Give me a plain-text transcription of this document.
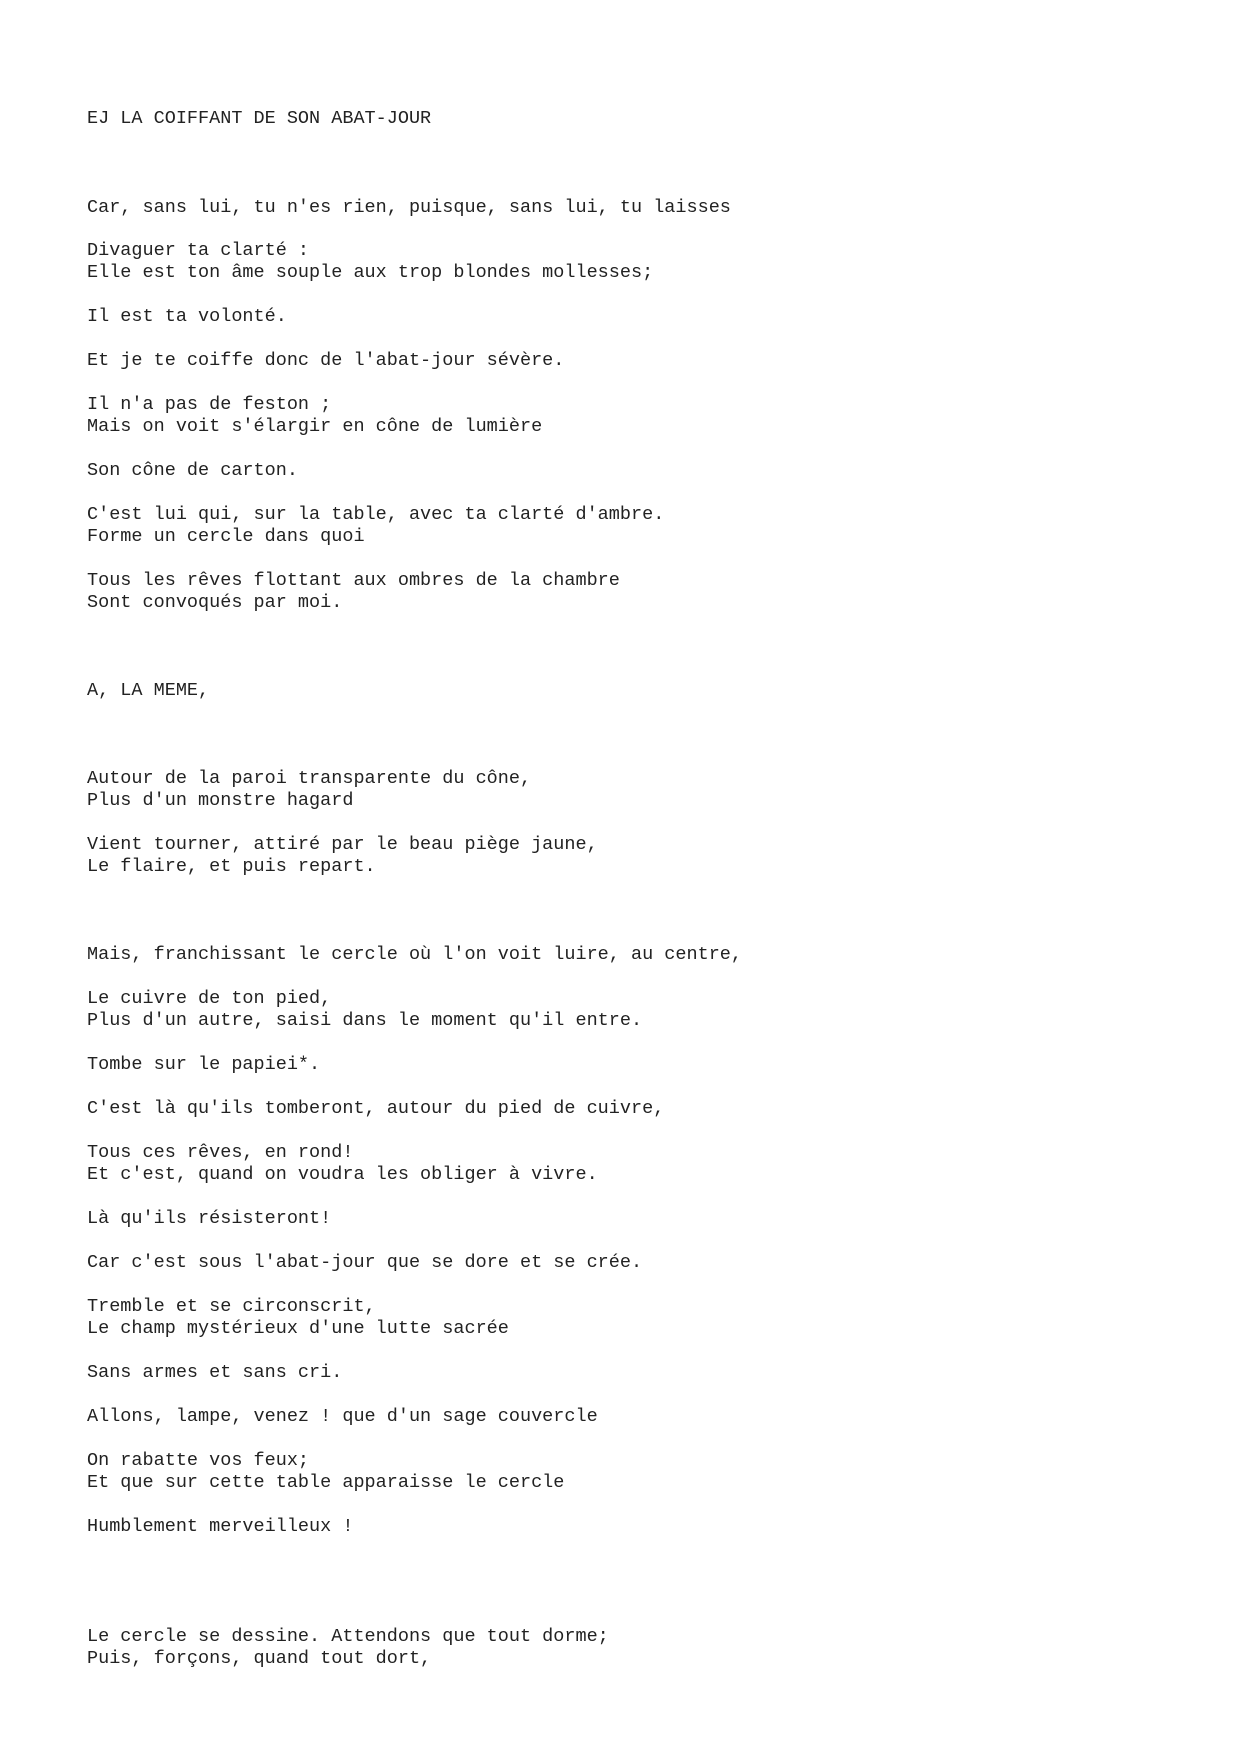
EJ LA COIFFANT DE SON ABAT-JOUR

Car, sans lui, tu n'es rien, puisque, sans lui, tu laisses

Divaguer ta clarté :

Elle est ton âme souple aux trop blondes mollesses;

Il est ta volonté.

Et je te coiffe donc de l'abat-jour sévère.

Il n'a pas de feston ;

Mais on voit s'élargir en cône de lumière

Son cône de carton.

C'est lui qui, sur la table, avec ta clarté d'ambre.

Forme un cercle dans quoi

Tous les rêves flottant aux ombres de la chambre

Sont convoqués par moi.

A, LA MEME,

Autour de la paroi transparente du cône,

Plus d'un monstre hagard

Vient tourner, attiré par le beau piège jaune,

Le flaire, et puis repart.

Mais, franchissant le cercle où l'on voit luire, au centre,

Le cuivre de ton pied,

Plus d'un autre, saisi dans le moment qu'il entre.

Tombe sur le papiei*.

C'est là qu'ils tomberont, autour du pied de cuivre,

Tous ces rêves, en rond!

Et c'est, quand on voudra les obliger à vivre.

Là qu'ils résisteront!

Car c'est sous l'abat-jour que se dore et se crée.

Tremble et se circonscrit,

Le champ mystérieux d'une lutte sacrée

Sans armes et sans cri.

Allons, lampe, venez ! que d'un sage couvercle

On rabatte vos feux;

Et que sur cette table apparaisse le cercle

Humblement merveilleux !

Le cercle se dessine. Attendons que tout dorme;

Puis, forçons, quand tout dort,
